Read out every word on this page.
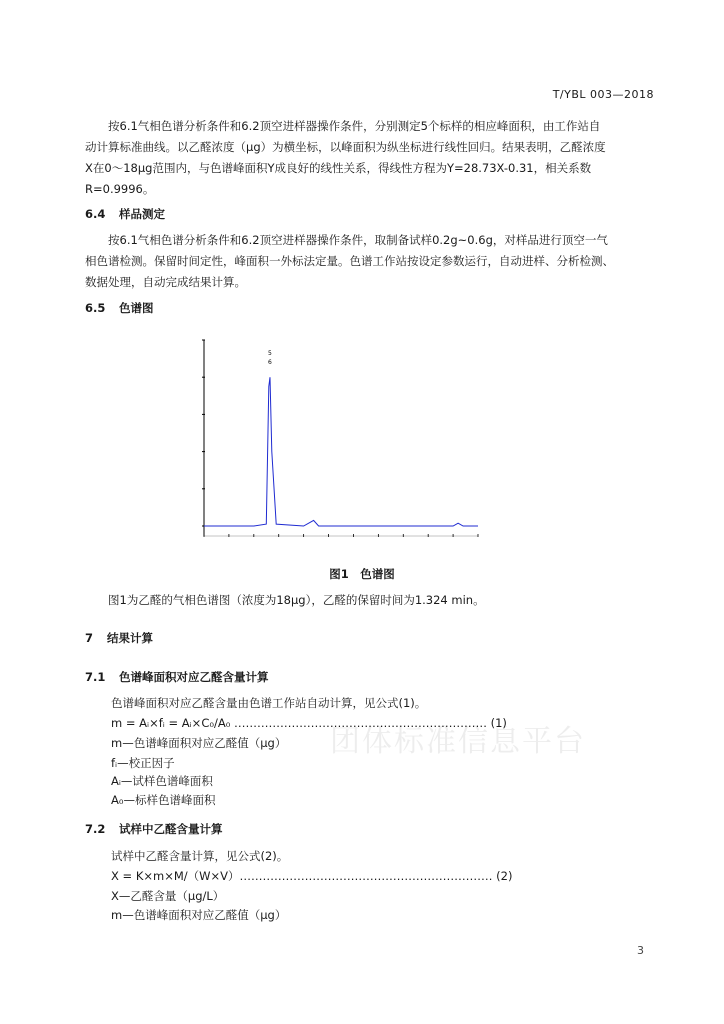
团体标准信息平台
T/YBL 003—2018
按6.1气相色谱分析条件和6.2顶空进样器操作条件，分别测定5个标样的相应峰面积，由工作站自
动计算标准曲线。以乙醛浓度（μg）为横坐标，以峰面积为纵坐标进行线性回归。结果表明，乙醛浓度
X在0～18μg范围内，与色谱峰面积Y成良好的线性关系，得线性方程为Y=28.73X-0.31，相关系数
R=0.9996。
6.4 样品测定
按6.1气相色谱分析条件和6.2顶空进样器操作条件，取制备试样0.2g~0.6g，对样品进行顶空一气
相色谱检测。保留时间定性，峰面积一外标法定量。色谱工作站按设定参数运行，自动进样、分析检测、
数据处理，自动完成结果计算。
6.5 色谱图
5
6
图1　色谱图
图1为乙醛的气相色谱图（浓度为18μg），乙醛的保留时间为1.324 min。
7 结果计算
7.1 色谱峰面积对应乙醛含量计算
色谱峰面积对应乙醛含量由色谱工作站自动计算，见公式(1)。
m = Aᵢ×fᵢ = Aᵢ×C₀/A₀ ………………………………………………………… (1)
m—色谱峰面积对应乙醛值（μg）
fᵢ—校正因子
Aᵢ—试样色谱峰面积
A₀—标样色谱峰面积
7.2 试样中乙醛含量计算
试样中乙醛含量计算，见公式(2)。
X = K×m×M/（W×V）………………………………………………………… (2)
X—乙醛含量（μg/L）
m—色谱峰面积对应乙醛值（μg）
3
